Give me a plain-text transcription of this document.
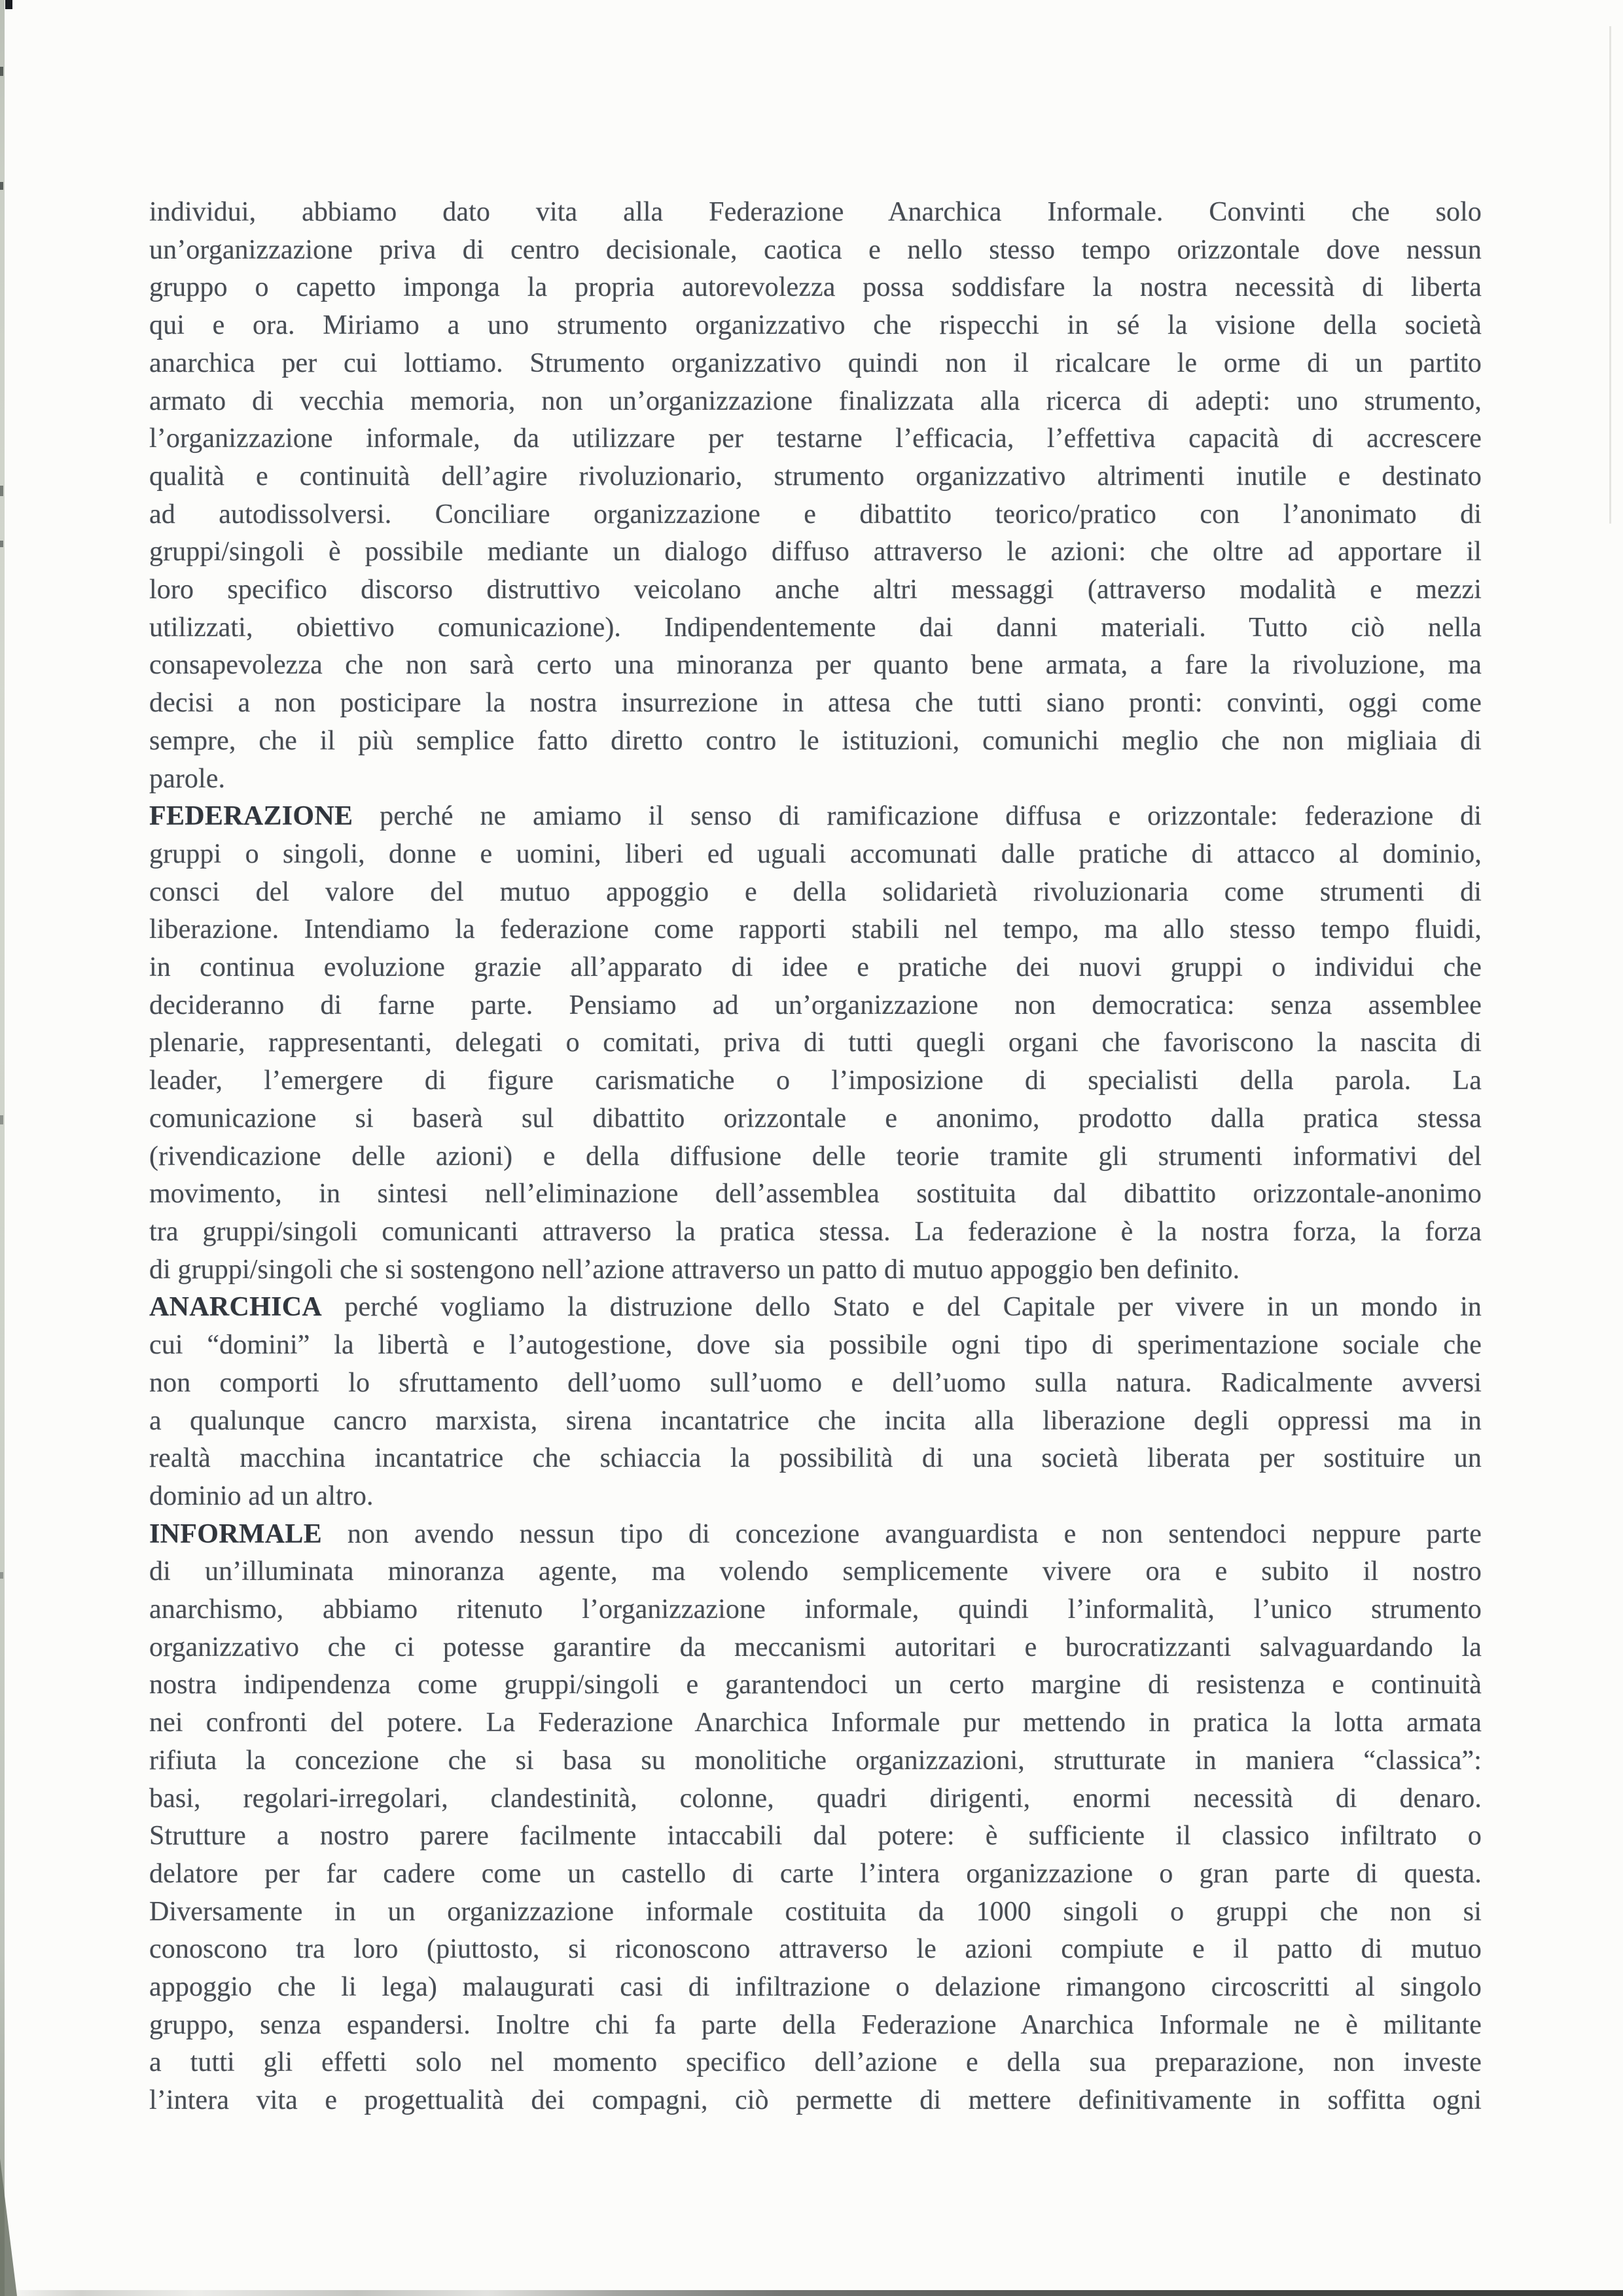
individui, abbiamo dato vita alla Federazione Anarchica Informale. Convinti che solo
un’organizzazione priva di centro decisionale, caotica e nello stesso tempo orizzontale dove nessun
gruppo o capetto imponga la propria autorevolezza possa soddisfare la nostra necessità di liberta
qui e ora. Miriamo a uno strumento organizzativo che rispecchi in sé la visione della società
anarchica per cui lottiamo. Strumento organizzativo quindi non il ricalcare le orme di un partito
armato di vecchia memoria, non un’organizzazione finalizzata alla ricerca di adepti: uno strumento,
l’organizzazione informale, da utilizzare per testarne l’efficacia, l’effettiva capacità di accrescere
qualità e continuità dell’agire rivoluzionario, strumento organizzativo altrimenti inutile e destinato
ad autodissolversi. Conciliare organizzazione e dibattito teorico/pratico con l’anonimato di
gruppi/singoli è possibile mediante un dialogo diffuso attraverso le azioni: che oltre ad apportare il
loro specifico discorso distruttivo veicolano anche altri messaggi (attraverso modalità e mezzi
utilizzati, obiettivo comunicazione). Indipendentemente dai danni materiali. Tutto ciò nella
consapevolezza che non sarà certo una minoranza per quanto bene armata, a fare la rivoluzione, ma
decisi a non posticipare la nostra insurrezione in attesa che tutti siano pronti: convinti, oggi come
sempre, che il più semplice fatto diretto contro le istituzioni, comunichi meglio che non migliaia di
parole.
FEDERAZIONE perché ne amiamo il senso di ramificazione diffusa e orizzontale: federazione di
gruppi o singoli, donne e uomini, liberi ed uguali accomunati dalle pratiche di attacco al dominio,
consci del valore del mutuo appoggio e della solidarietà rivoluzionaria come strumenti di
liberazione. Intendiamo la federazione come rapporti stabili nel tempo, ma allo stesso tempo fluidi,
in continua evoluzione grazie all’apparato di idee e pratiche dei nuovi gruppi o individui che
decideranno di farne parte. Pensiamo ad un’organizzazione non democratica: senza assemblee
plenarie, rappresentanti, delegati o comitati, priva di tutti quegli organi che favoriscono la nascita di
leader, l’emergere di figure carismatiche o l’imposizione di specialisti della parola. La
comunicazione si baserà sul dibattito orizzontale e anonimo, prodotto dalla pratica stessa
(rivendicazione delle azioni) e della diffusione delle teorie tramite gli strumenti informativi del
movimento, in sintesi nell’eliminazione dell’assemblea sostituita dal dibattito orizzontale-anonimo
tra gruppi/singoli comunicanti attraverso la pratica stessa. La federazione è la nostra forza, la forza
di gruppi/singoli che si sostengono nell’azione attraverso un patto di mutuo appoggio ben definito.
ANARCHICA perché vogliamo la distruzione dello Stato e del Capitale per vivere in un mondo in
cui “domini” la libertà e l’autogestione, dove sia possibile ogni tipo di sperimentazione sociale che
non comporti lo sfruttamento dell’uomo sull’uomo e dell’uomo sulla natura. Radicalmente avversi
a qualunque cancro marxista, sirena incantatrice che incita alla liberazione degli oppressi ma in
realtà macchina incantatrice che schiaccia la possibilità di una società liberata per sostituire un
dominio ad un altro.
INFORMALE non avendo nessun tipo di concezione avanguardista e non sentendoci neppure parte
di un’illuminata minoranza agente, ma volendo semplicemente vivere ora e subito il nostro
anarchismo, abbiamo ritenuto l’organizzazione informale, quindi l’informalità, l’unico strumento
organizzativo che ci potesse garantire da meccanismi autoritari e burocratizzanti salvaguardando la
nostra indipendenza come gruppi/singoli e garantendoci un certo margine di resistenza e continuità
nei confronti del potere. La Federazione Anarchica Informale pur mettendo in pratica la lotta armata
rifiuta la concezione che si basa su monolitiche organizzazioni, strutturate in maniera “classica”:
basi, regolari-irregolari, clandestinità, colonne, quadri dirigenti, enormi necessità di denaro.
Strutture a nostro parere facilmente intaccabili dal potere: è sufficiente il classico infiltrato o
delatore per far cadere come un castello di carte l’intera organizzazione o gran parte di questa.
Diversamente in un organizzazione informale costituita da 1000 singoli o gruppi che non si
conoscono tra loro (piuttosto, si riconoscono attraverso le azioni compiute e il patto di mutuo
appoggio che li lega) malaugurati casi di infiltrazione o delazione rimangono circoscritti al singolo
gruppo, senza espandersi. Inoltre chi fa parte della Federazione Anarchica Informale ne è militante
a tutti gli effetti solo nel momento specifico dell’azione e della sua preparazione, non investe
l’intera vita e progettualità dei compagni, ciò permette di mettere definitivamente in soffitta ogni
